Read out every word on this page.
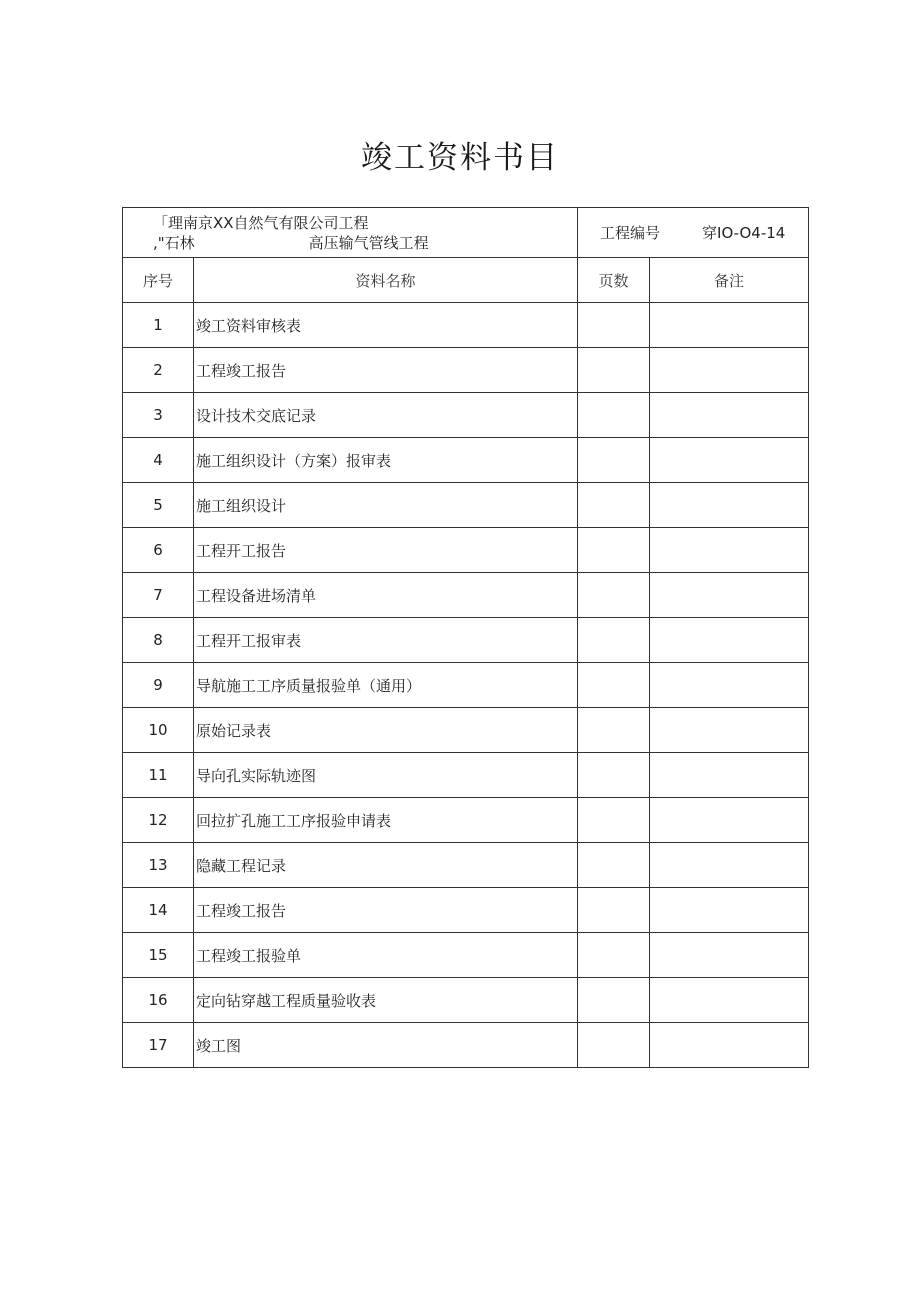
竣工资料书目
「理南京XX自然气有限公司工程
,"石林 高压输气管线工程		工程编号 穿IO-O4-14	
序号	资料名称	页数	备注
1	竣工资料审核表		
2	工程竣工报告		
3	设计技术交底记录		
4	施工组织设计（方案）报审表		
5	施工组织设计		
6	工程开工报告		
7	工程设备进场清单		
8	工程开工报审表		
9	导航施工工序质量报验单（通用）		
10	原始记录表		
11	导向孔实际轨迹图		
12	回拉扩孔施工工序报验申请表		
13	隐藏工程记录		
14	工程竣工报告		
15	工程竣工报验单		
16	定向钻穿越工程质量验收表		
17	竣工图		
